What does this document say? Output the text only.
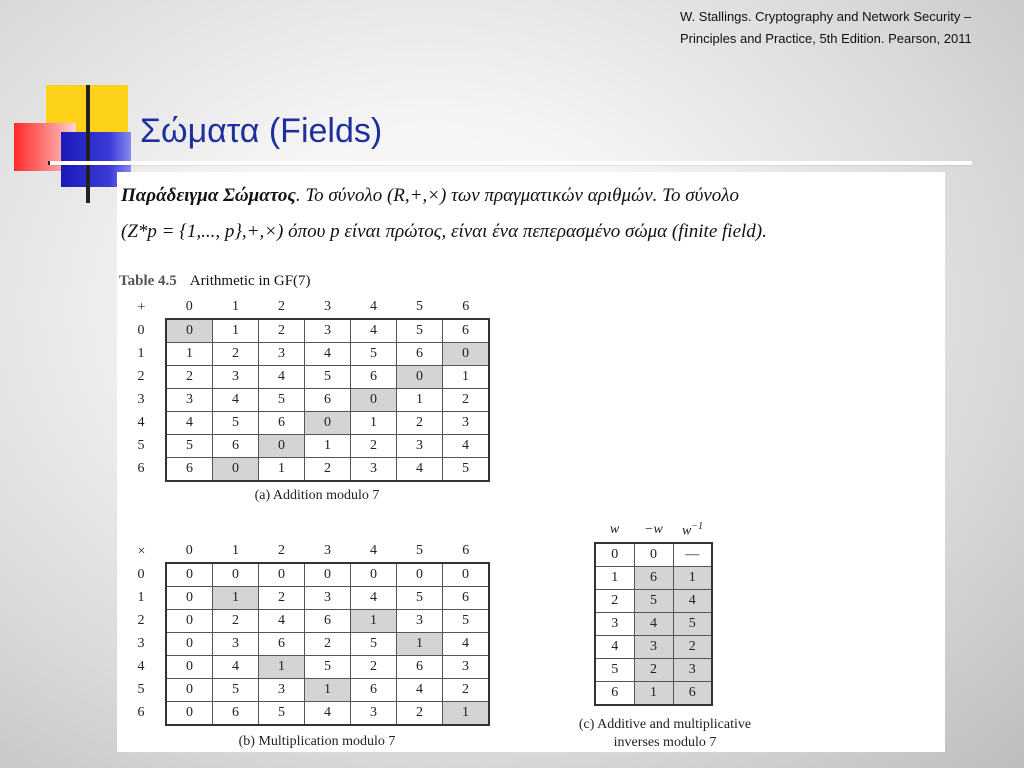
W. Stallings. Cryptography and Network Security –
Principles and Practice, 5th Edition. Pearson, 2011
Σώματα (Fields)
Παράδειγμα Σώματος. Το σύνολο (R,+,×) των πραγματικών αριθμών. Το σύνολο
(Z*p = {1,..., p},+,×) όπου p είναι πρώτος, είναι ένα πεπερασμένο σώμα (finite field).
Table 4.5 Arithmetic in GF(7)
+	0	1	2	3	4	5	6
0	0	1	2	3	4	5	6
1	1	2	3	4	5	6	0
2	2	3	4	5	6	0	1
3	3	4	5	6	0	1	2
4	4	5	6	0	1	2	3
5	5	6	0	1	2	3	4
6	6	0	1	2	3	4	5
(a) Addition modulo 7
×	0	1	2	3	4	5	6
0	0	0	0	0	0	0	0
1	0	1	2	3	4	5	6
2	0	2	4	6	1	3	5
3	0	3	6	2	5	1	4
4	0	4	1	5	2	6	3
5	0	5	3	1	6	4	2
6	0	6	5	4	3	2	1
(b) Multiplication modulo 7
w	−w	$w^{-1}$
0	0	—
1	6	1
2	5	4
3	4	5
4	3	2
5	2	3
6	1	6
(c) Additive and multiplicative
inverses modulo 7
